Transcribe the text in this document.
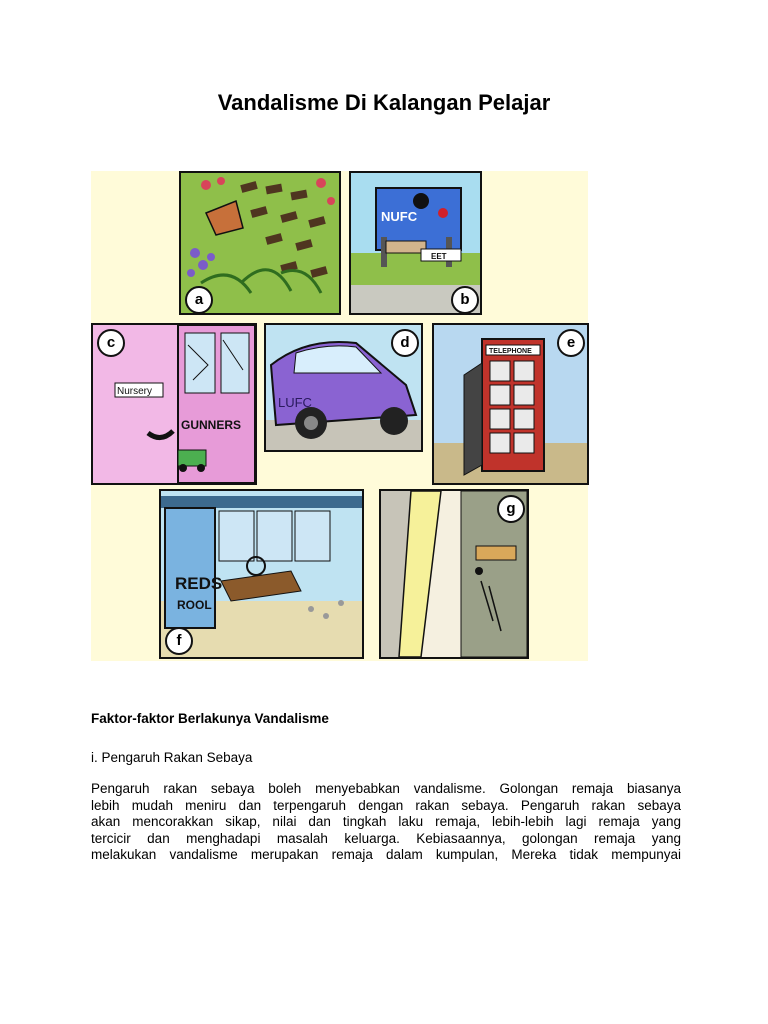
Vandalisme Di Kalangan Pelajar
a
NUFC
EET
b
Nursery
GUNNERS
c
LUFC
d
TELEPHONE
e
REDS
ROOL
f
g
Faktor-faktor Berlakunya Vandalisme
i. Pengaruh Rakan Sebaya
Pengaruh rakan sebaya boleh menyebabkan vandalisme. Golongan remaja biasanya
lebih mudah meniru dan terpengaruh dengan rakan sebaya. Pengaruh rakan sebaya
akan mencorakkan sikap, nilai dan tingkah laku remaja, lebih-lebih lagi remaja yang
tercicir dan menghadapi masalah keluarga. Kebiasaannya, golongan remaja yang
melakukan vandalisme merupakan remaja dalam kumpulan, Mereka tidak mempunyai
